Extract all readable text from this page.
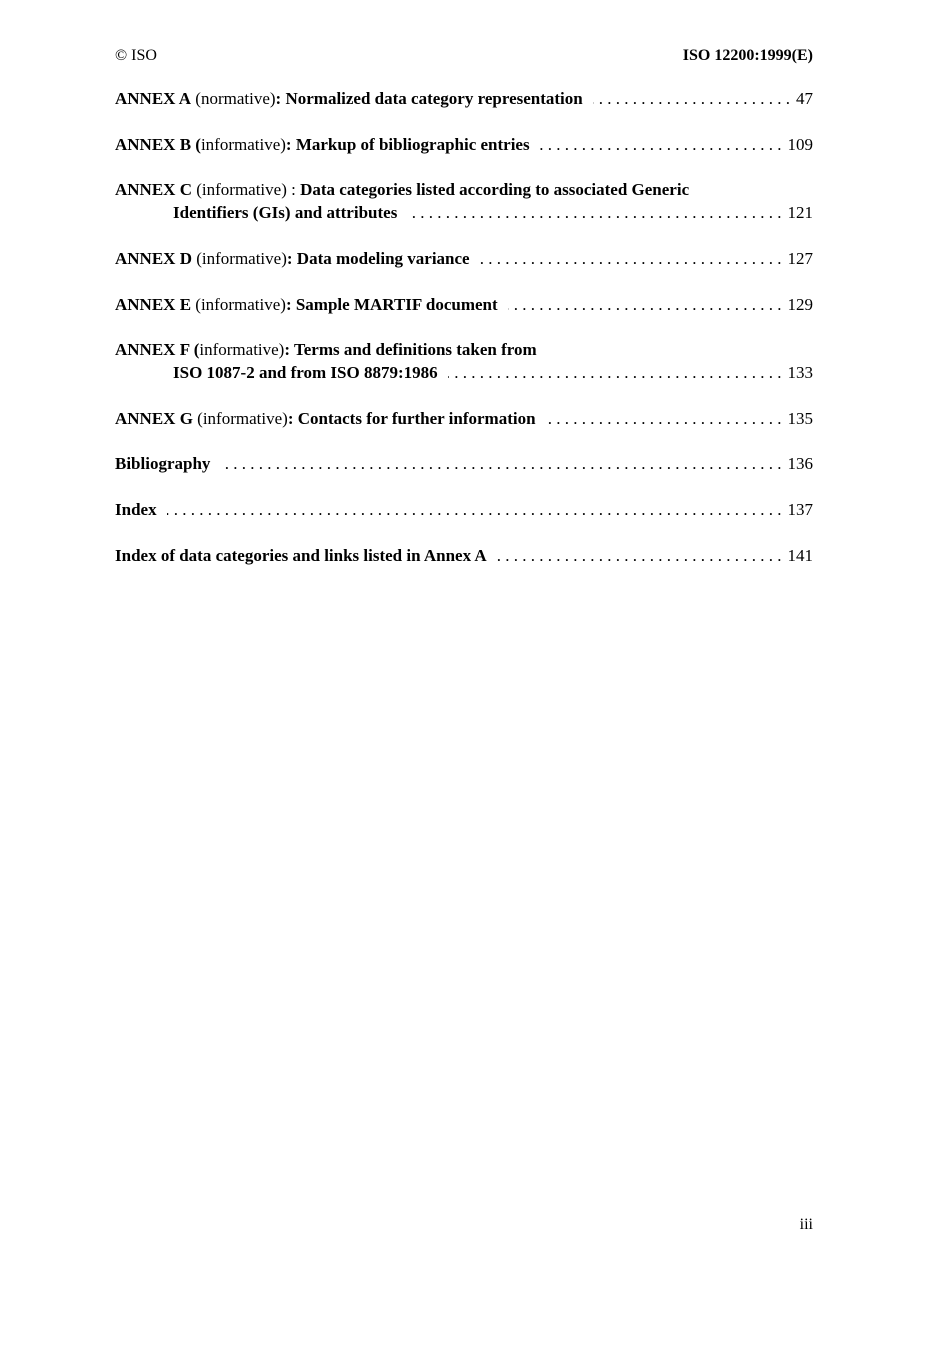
© ISO	ISO 12200:1999(E)
ANNEX A (normative): Normalized data category representation . . .	47
ANNEX B (informative): Markup of bibliographic entries . . .	109
ANNEX C (informative) : Data categories listed according to associated Generic
Identifiers (GIs) and attributes . . .	121
ANNEX D (informative): Data modeling variance . . .	127
ANNEX E (informative): Sample MARTIF document . . .	129
ANNEX F (informative): Terms and definitions taken from
ISO 1087-2 and from ISO 8879:1986 . . .	133
ANNEX G (informative): Contacts for further information . . .	135
Bibliography . . .	136
Index . . .	137
Index of data categories and links listed in Annex A . . .	141
iii
